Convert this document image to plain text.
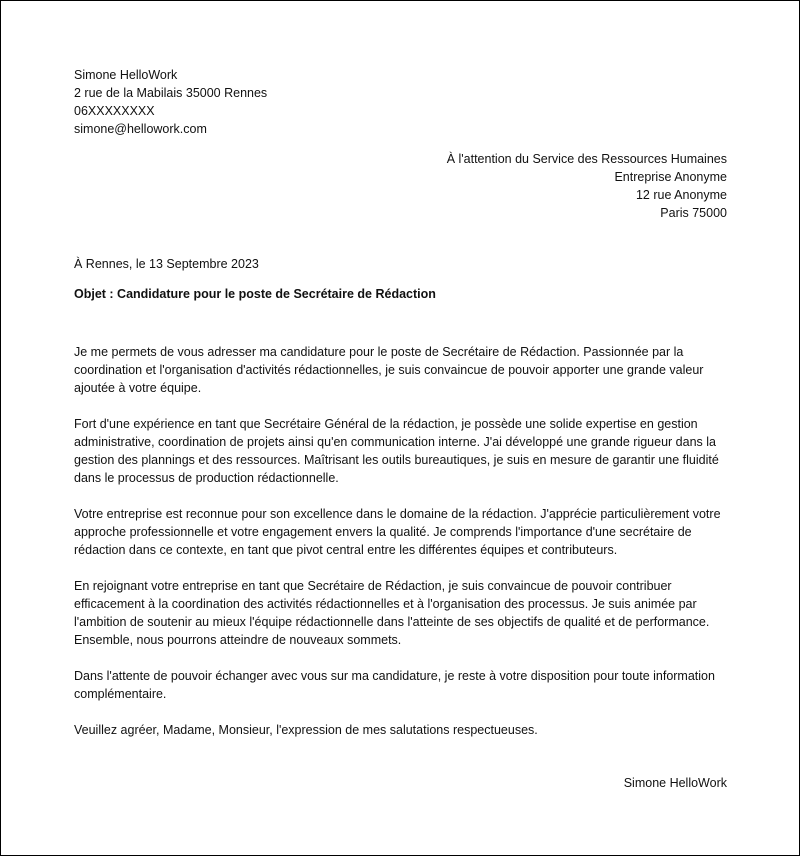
Simone HelloWork
2 rue de la Mabilais 35000 Rennes
06XXXXXXXX
simone@hellowork.com
À l'attention du Service des Ressources Humaines
Entreprise Anonyme
12 rue Anonyme
Paris 75000
À Rennes, le 13 Septembre 2023
Objet : Candidature pour le poste de Secrétaire de Rédaction

Je me permets de vous adresser ma candidature pour le poste de Secrétaire de Rédaction. Passionnée par la coordination et l'organisation d'activités rédactionnelles, je suis convaincue de pouvoir apporter une grande valeur ajoutée à votre équipe.

Fort d'une expérience en tant que Secrétaire Général de la rédaction, je possède une solide expertise en gestion administrative, coordination de projets ainsi qu'en communication interne. J'ai développé une grande rigueur dans la gestion des plannings et des ressources. Maîtrisant les outils bureautiques, je suis en mesure de garantir une fluidité dans le processus de production rédactionnelle.

Votre entreprise est reconnue pour son excellence dans le domaine de la rédaction. J'apprécie particulièrement votre approche professionnelle et votre engagement envers la qualité. Je comprends l'importance d'une secrétaire de rédaction dans ce contexte, en tant que pivot central entre les différentes équipes et contributeurs.

En rejoignant votre entreprise en tant que Secrétaire de Rédaction, je suis convaincue de pouvoir contribuer efficacement à la coordination des activités rédactionnelles et à l'organisation des processus. Je suis animée par l'ambition de soutenir au mieux l'équipe rédactionnelle dans l'atteinte de ses objectifs de qualité et de performance. Ensemble, nous pourrons atteindre de nouveaux sommets.

Dans l'attente de pouvoir échanger avec vous sur ma candidature, je reste à votre disposition pour toute information complémentaire.

Veuillez agréer, Madame, Monsieur, l'expression de mes salutations respectueuses.

Simone HelloWork
